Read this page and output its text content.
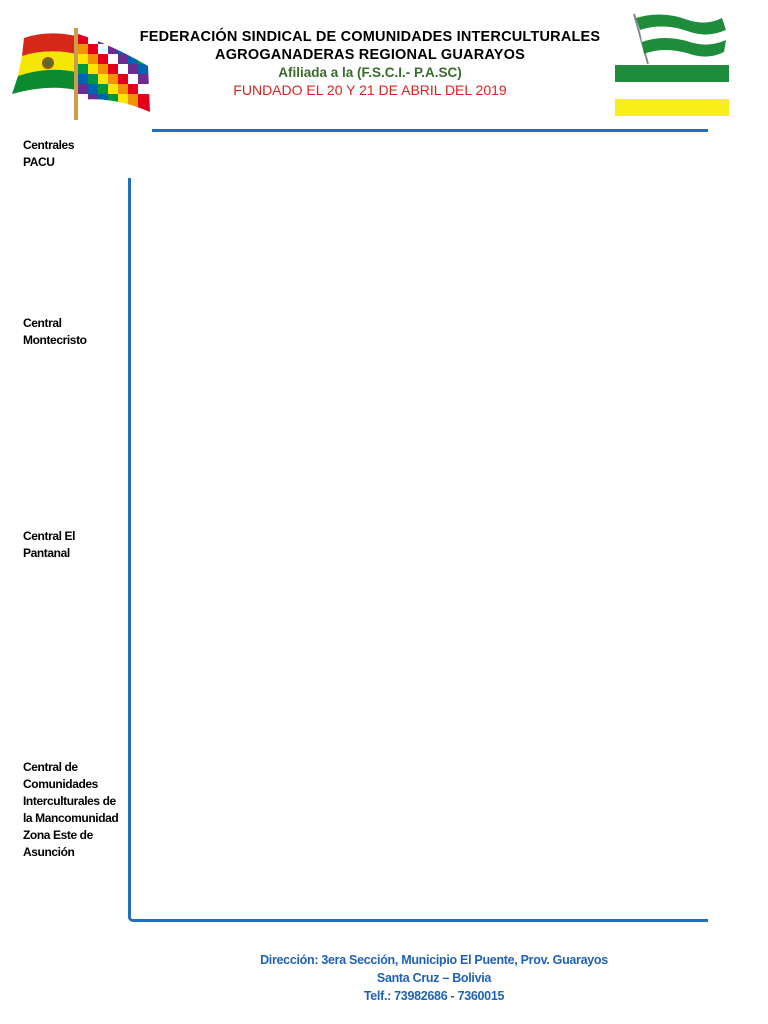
FEDERACIÓN SINDICAL DE COMUNIDADES INTERCULTURALES
AGROGANADERAS REGIONAL GUARAYOS
Afiliada a la (F.S.C.I.- P.A.SC)
FUNDADO EL 20 Y 21 DE ABRIL DEL 2019
Centrales
PACU
Central
Montecristo
Central El
Pantanal
Central de
Comunidades
Interculturales de
la Mancomunidad
Zona Este de
Asunción
Dirección: 3era Sección, Municipio El Puente, Prov. Guarayos
Santa Cruz – Bolivia
Telf.: 73982686 - 7360015
